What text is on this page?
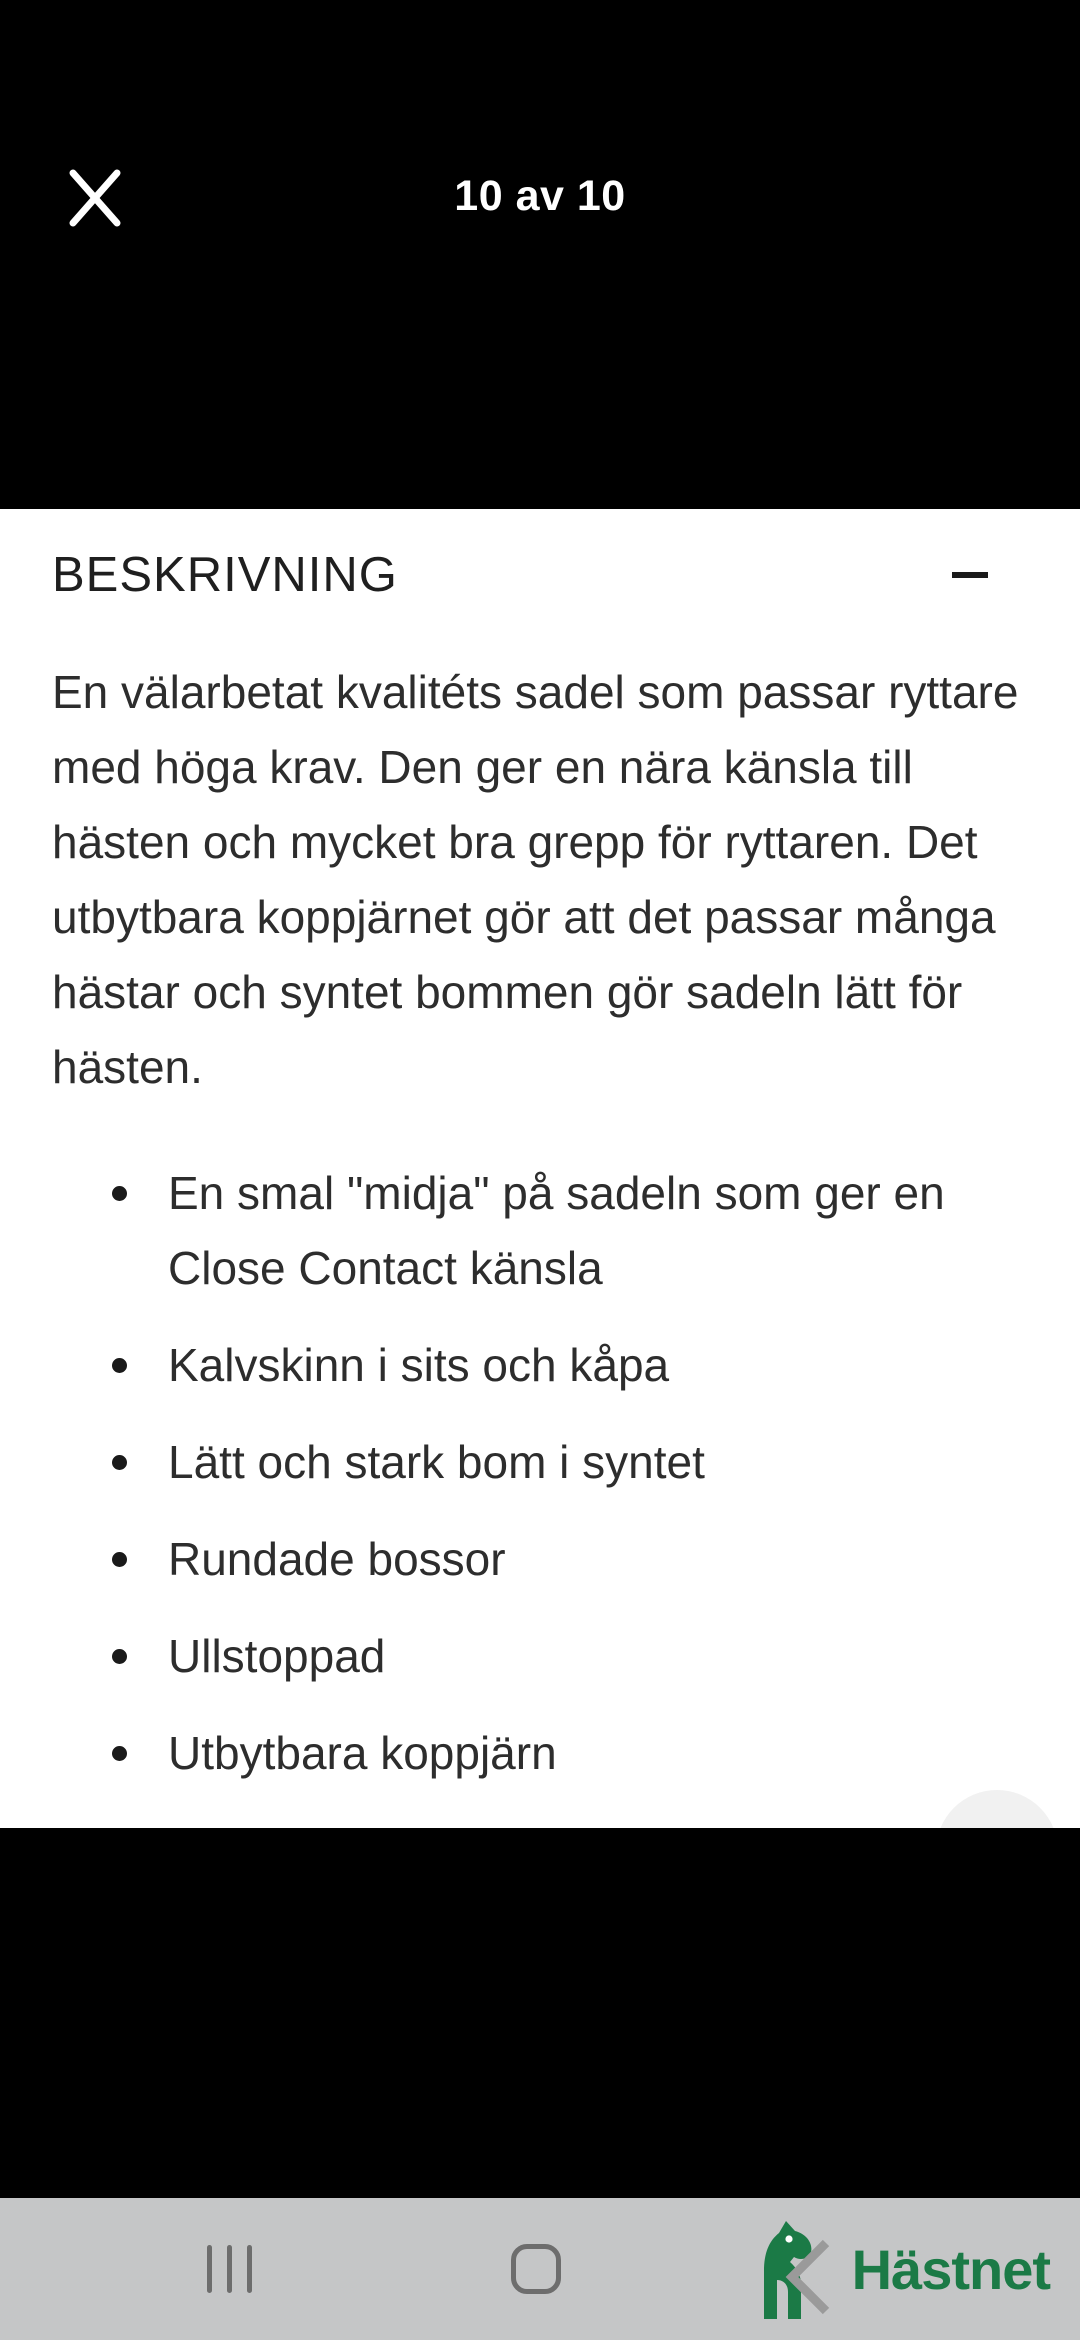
10 av 10
BESKRIVNING

En välarbetat kvalitéts sadel som passar ryttare med höga krav. Den ger en nära känsla till hästen och mycket bra grepp för ryttaren. Det utbytbara koppjärnet gör att det passar många hästar och syntet bommen gör sadeln lätt för hästen.

En smal "midja" på sadeln som ger en Close Contact känsla
Kalvskinn i sits och kåpa
Lätt och stark bom i syntet
Rundade bossor
Ullstoppad
Utbytbara koppjärn
Hästnet
